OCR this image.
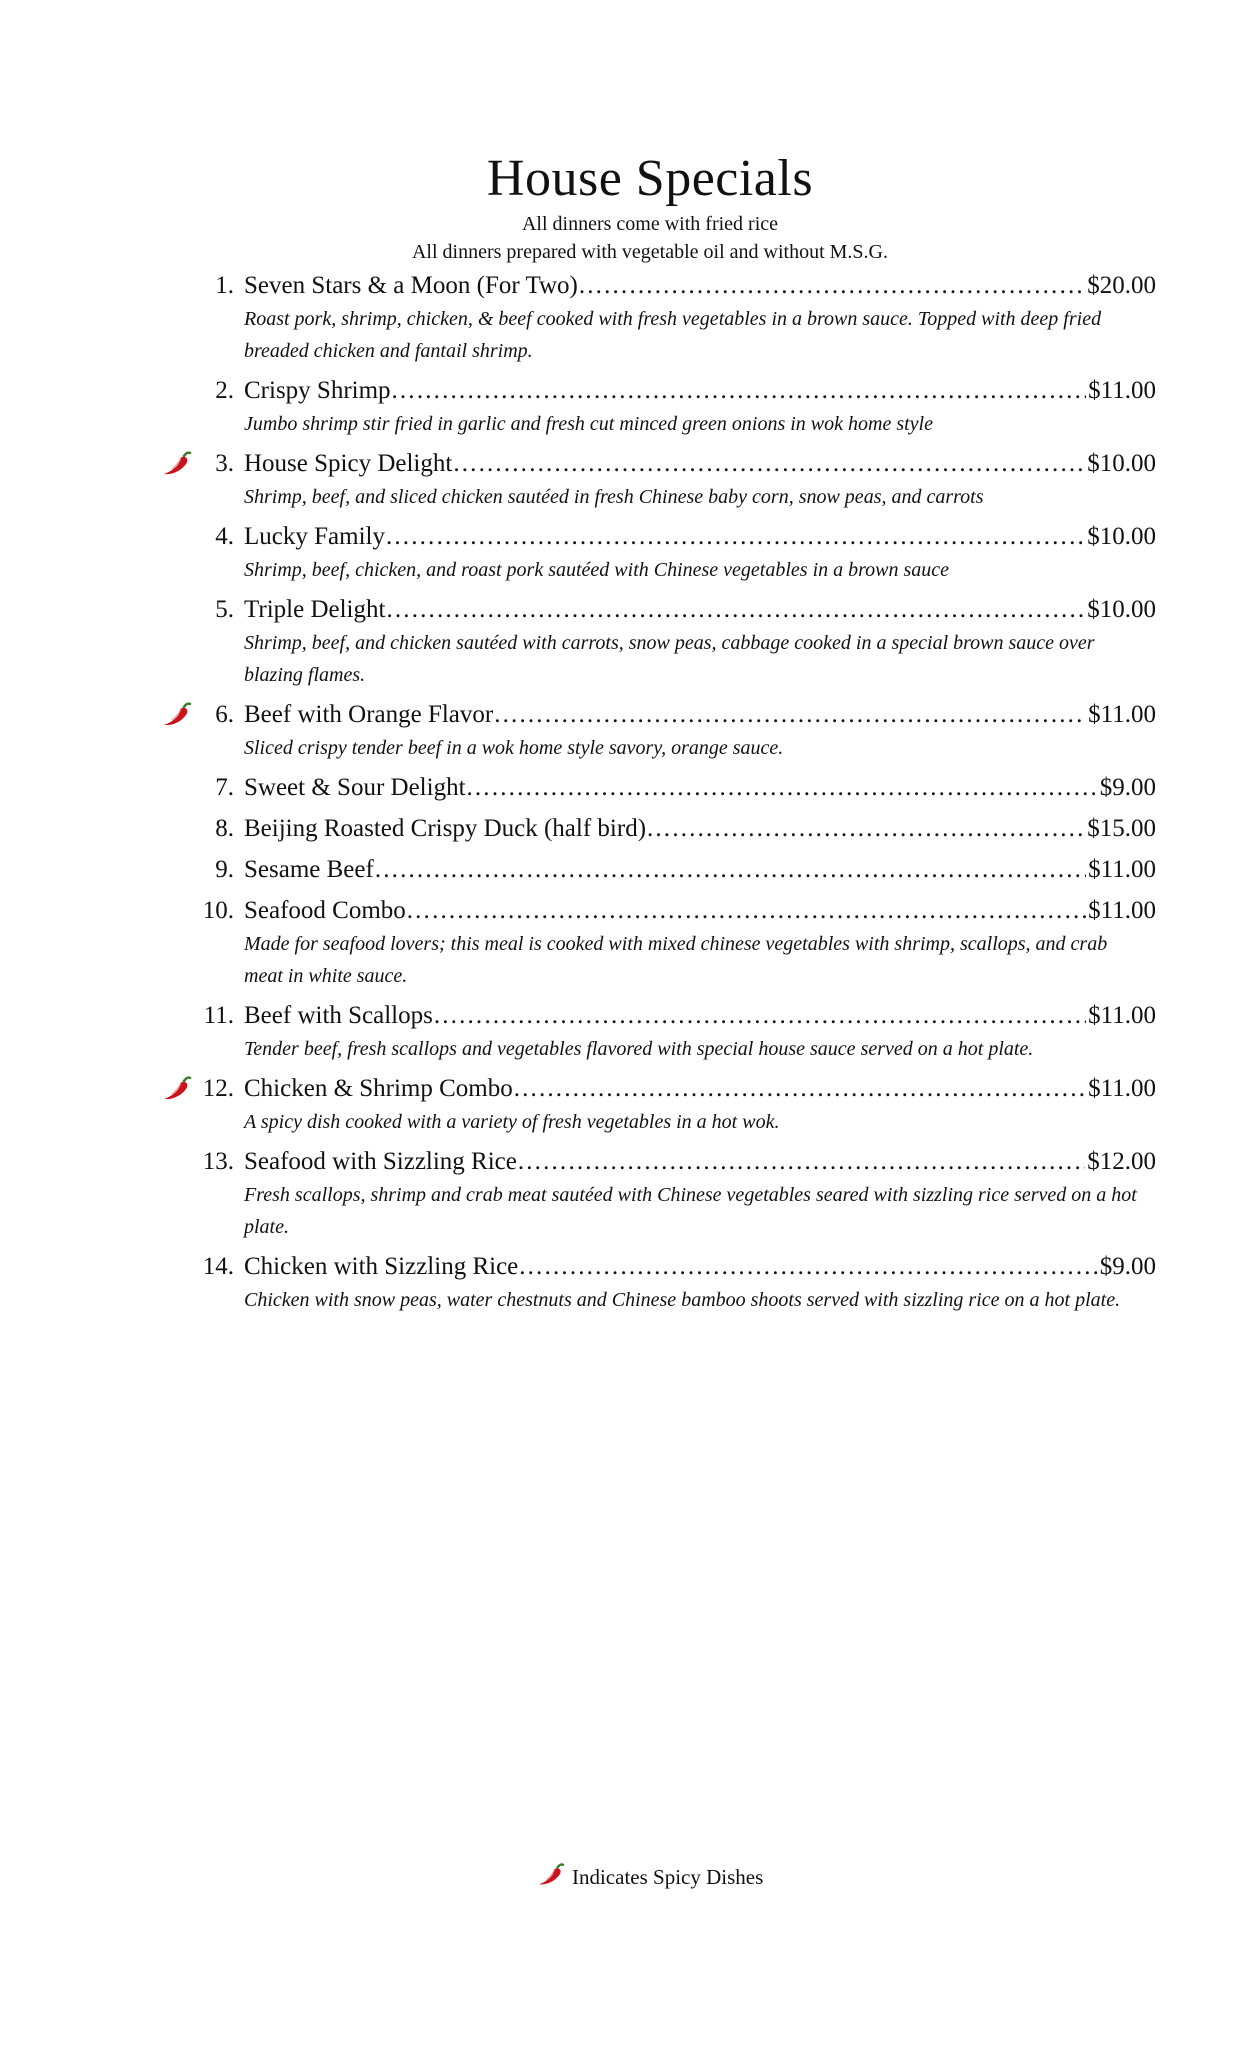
House Specials

All dinners come with fried rice

All dinners prepared with vegetable oil and without M.S.G.

1. Seven Stars & a Moon (For Two) ……………………………………………………………………………………………………………………………………………………	$20.00
Roast pork, shrimp, chicken, & beef cooked with fresh vegetables in a brown sauce. Topped with deep fried breaded chicken and fantail shrimp.
2. Crispy Shrimp ……………………………………………………………………………………………………………………………………………………	$11.00
Jumbo shrimp stir fried in garlic and fresh cut minced green onions in wok home style
3. House Spicy Delight ……………………………………………………………………………………………………………………………………………………	$10.00
Shrimp, beef, and sliced chicken sautéed in fresh Chinese baby corn, snow peas, and carrots
4. Lucky Family ……………………………………………………………………………………………………………………………………………………	$10.00
Shrimp, beef, chicken, and roast pork sautéed with Chinese vegetables in a brown sauce
5. Triple Delight ……………………………………………………………………………………………………………………………………………………	$10.00
Shrimp, beef, and chicken sautéed with carrots, snow peas, cabbage cooked in a special brown sauce over blazing flames.
6. Beef with Orange Flavor ……………………………………………………………………………………………………………………………………………………	$11.00
Sliced crispy tender beef in a wok home style savory, orange sauce.
7. Sweet & Sour Delight ……………………………………………………………………………………………………………………………………………………	$9.00
8. Beijing Roasted Crispy Duck (half bird) ……………………………………………………………………………………………………………………………………………………	$15.00
9. Sesame Beef ……………………………………………………………………………………………………………………………………………………	$11.00
10. Seafood Combo ……………………………………………………………………………………………………………………………………………………	$11.00
Made for seafood lovers; this meal is cooked with mixed chinese vegetables with shrimp, scallops, and crab meat in white sauce.
11. Beef with Scallops ……………………………………………………………………………………………………………………………………………………	$11.00
Tender beef, fresh scallops and vegetables flavored with special house sauce served on a hot plate.
12. Chicken & Shrimp Combo ……………………………………………………………………………………………………………………………………………………	$11.00
A spicy dish cooked with a variety of fresh vegetables in a hot wok.
13. Seafood with Sizzling Rice ……………………………………………………………………………………………………………………………………………………	$12.00
Fresh scallops, shrimp and crab meat sautéed with Chinese vegetables seared with sizzling rice served on a hot plate.
14. Chicken with Sizzling Rice ……………………………………………………………………………………………………………………………………………………	$9.00
Chicken with snow peas, water chestnuts and Chinese bamboo shoots served with sizzling rice on a hot plate.
Indicates Spicy Dishes
